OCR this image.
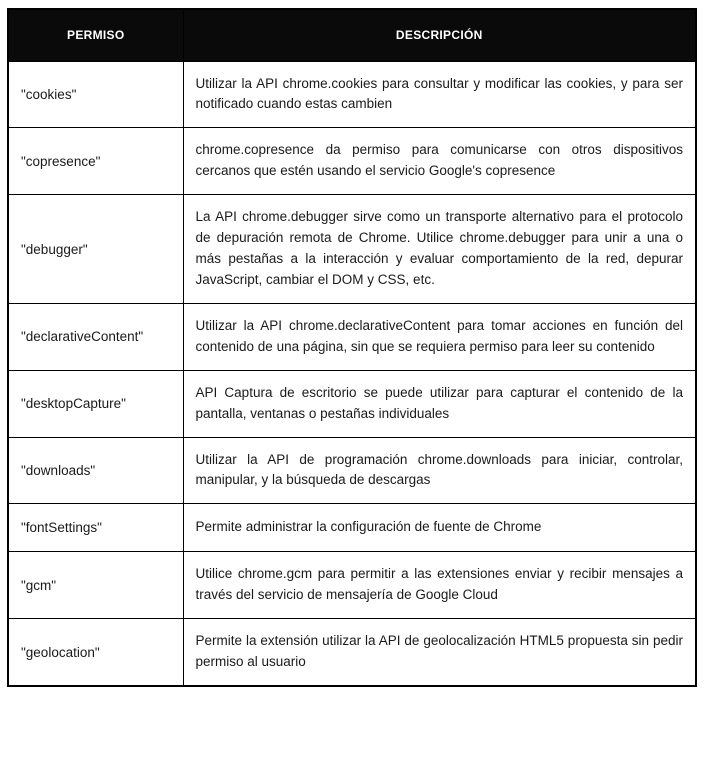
PERMISO	DESCRIPCIÓN
"cookies"	Utilizar la API chrome.cookies para consultar y modificar las cookies, y para ser notificado cuando estas cambien
"copresence"	chrome.copresence da permiso para comunicarse con otros dispositivos cercanos que estén usando el servicio Google's copresence
"debugger"	La API chrome.debugger sirve como un transporte alternativo para el protocolo de depuración remota de Chrome. Utilice chrome.debugger para unir a una o más pestañas a la interacción y evaluar comportamiento de la red, depurar JavaScript, cambiar el DOM y CSS, etc.
"declarativeContent"	Utilizar la API chrome.declarativeContent para tomar acciones en función del contenido de una página, sin que se requiera permiso para leer su contenido
"desktopCapture"	API Captura de escritorio se puede utilizar para capturar el contenido de la pantalla, ventanas o pestañas individuales
"downloads"	Utilizar la API de programación chrome.downloads para iniciar, controlar, manipular, y la búsqueda de descargas
"fontSettings"	Permite administrar la configuración de fuente de Chrome
"gcm"	Utilice chrome.gcm para permitir a las extensiones enviar y recibir mensajes a través del servicio de mensajería de Google Cloud
"geolocation"	Permite la extensión utilizar la API de geolocalización HTML5 propuesta sin pedir permiso al usuario
